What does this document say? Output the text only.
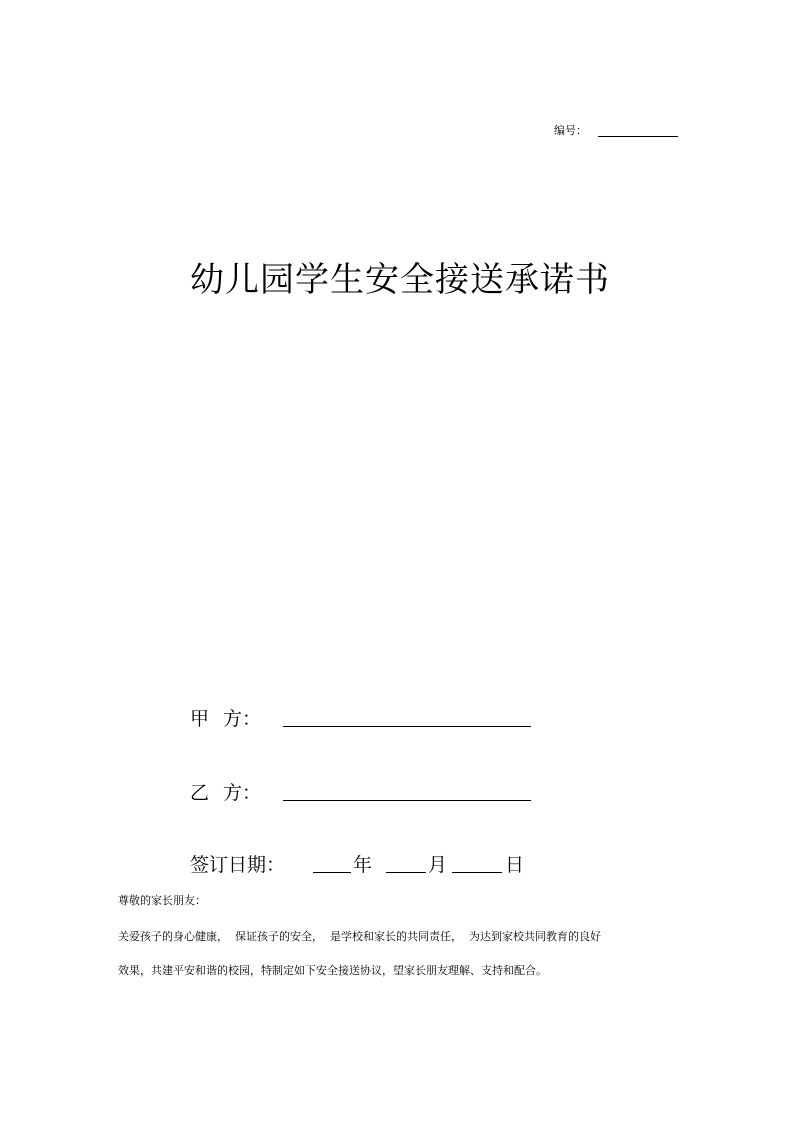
编号：
幼儿园学生安全接送承诺书
甲 方：
乙 方：
签订日期：	年	月	日
尊敬的家长朋友：
关爱孩子的身心健康，  保证孩子的安全，  是学校和家长的共同责任，  为达到家校共同教育的良好
效果，共建平安和谐的校园，特制定如下安全接送协议，望家长朋友理解、支持和配合。
